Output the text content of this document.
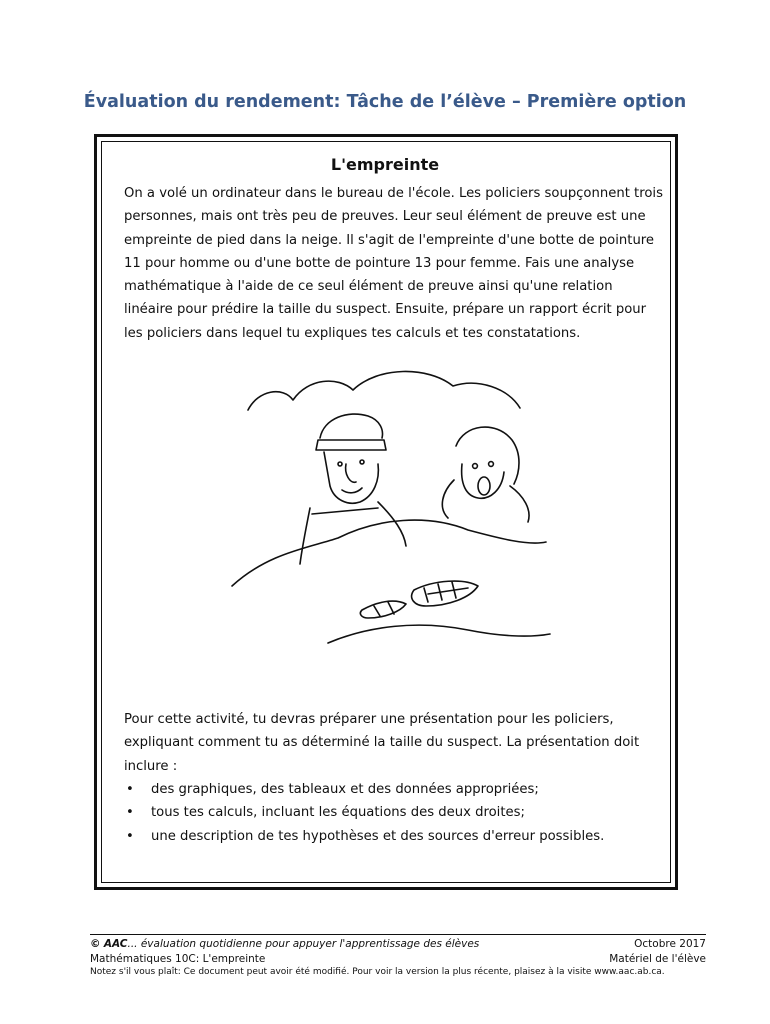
Évaluation du rendement: Tâche de l’élève – Première option
L'empreinte

On a volé un ordinateur dans le bureau de l'école. Les policiers soupçonnent trois personnes, mais ont très peu de preuves. Leur seul élément de preuve est une empreinte de pied dans la neige. Il s'agit de l'empreinte d'une botte de pointure 11 pour homme ou d'une botte de pointure 13 pour femme. Fais une analyse mathématique à l'aide de ce seul élément de preuve ainsi qu'une relation linéaire pour prédire la taille du suspect. Ensuite, prépare un rapport écrit pour les policiers dans lequel tu expliques tes calculs et tes constatations.

Pour cette activité, tu devras préparer une présentation pour les policiers, expliquant comment tu as déterminé la taille du suspect. La présentation doit inclure :

• des graphiques, des tableaux et des données appropriées;
• tous tes calculs, incluant les équations des deux droites;
• une description de tes hypothèses et des sources d'erreur possibles.
© AAC... évaluation quotidienne pour appuyer l'apprentissage des élèves	Octobre 2017
Mathématiques 10C: L'empreinte	Matériel de l'élève
Notez s'il vous plaît: Ce document peut avoir été modifié. Pour voir la version la plus récente, plaisez à la visite www.aac.ab.ca.
